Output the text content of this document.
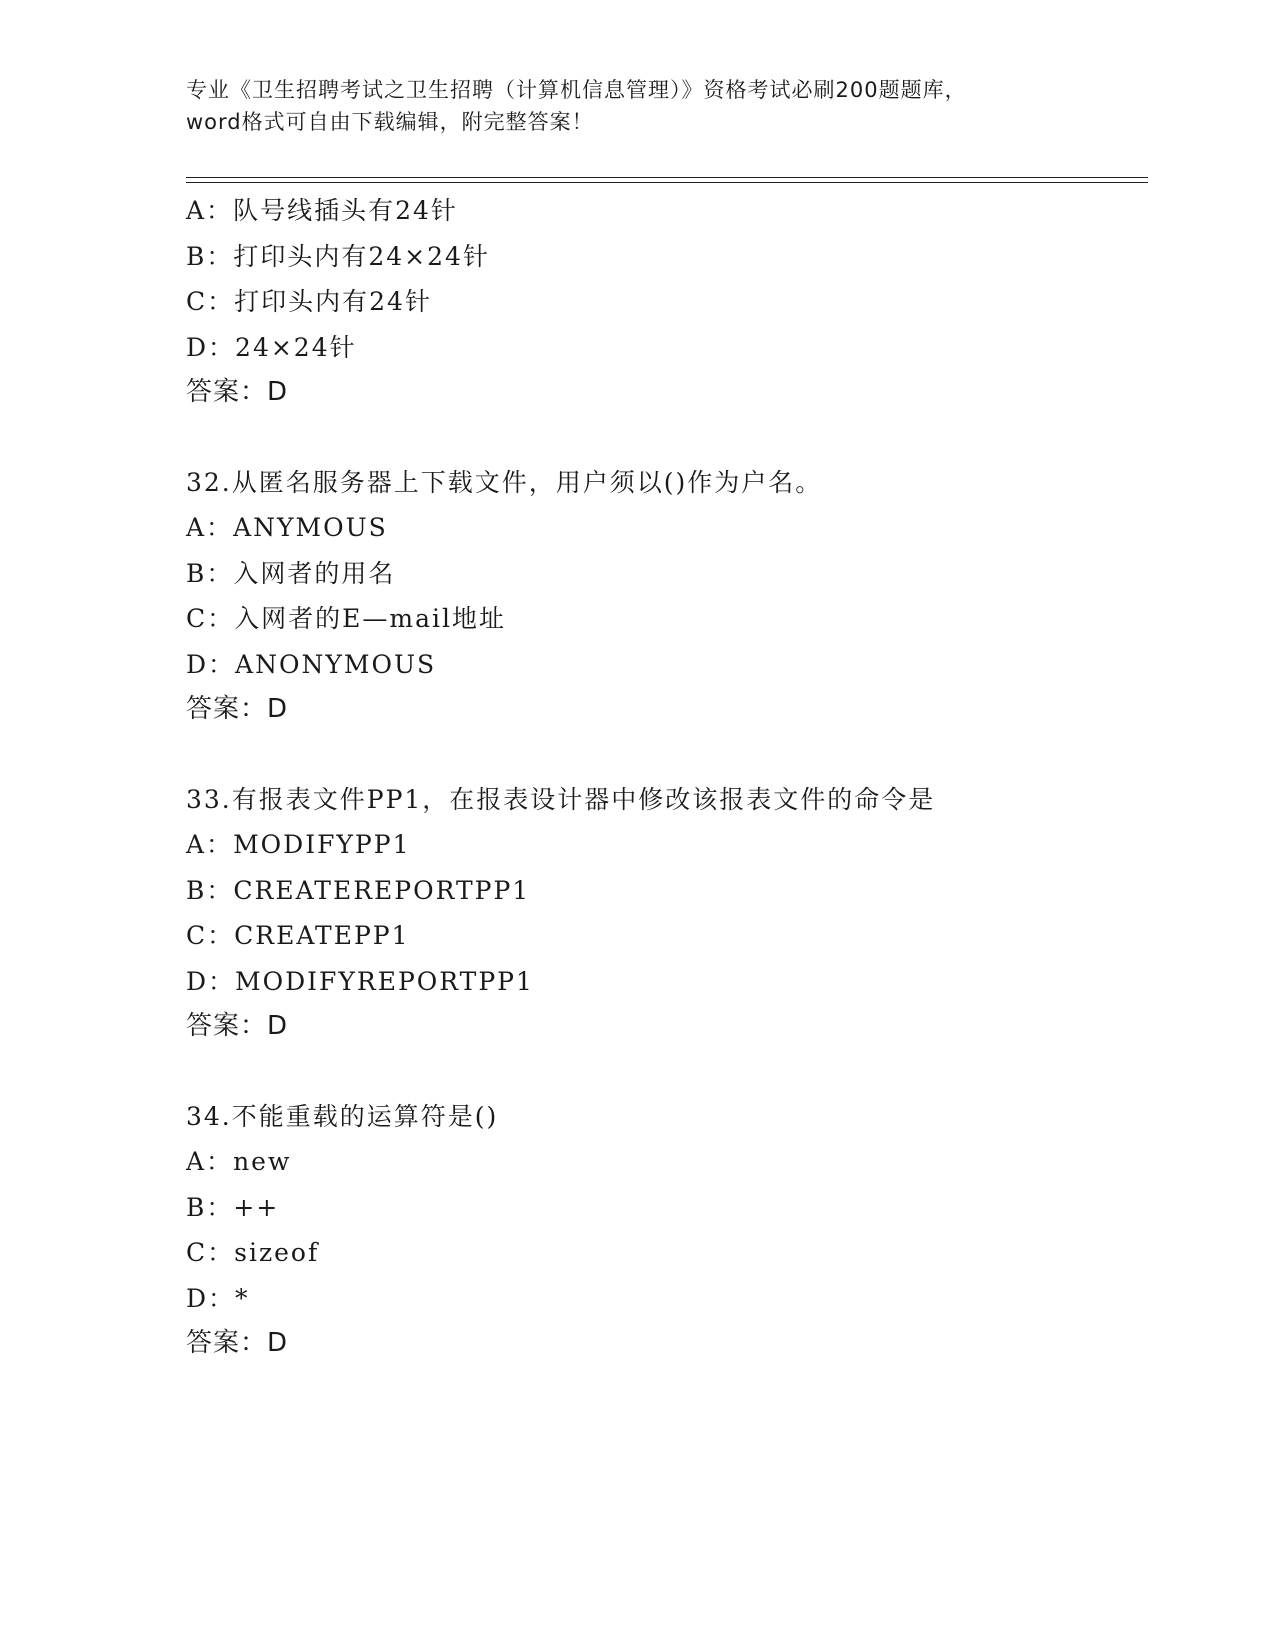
专业《卫生招聘考试之卫生招聘（计算机信息管理）》资格考试必刷200题题库，
word格式可自由下载编辑，附完整答案！
A：队号线插头有24针
B：打印头内有24×24针
C：打印头内有24针
D：24×24针
答案：D
32.从匿名服务器上下载文件，用户须以()作为户名。
A：ANYMOUS
B：入网者的用名
C：入网者的E—mail地址
D：ANONYMOUS
答案：D
33.有报表文件PP1，在报表设计器中修改该报表文件的命令是
A：MODIFYPP1
B：CREATEREPORTPP1
C：CREATEPP1
D：MODIFYREPORTPP1
答案：D
34.不能重载的运算符是()
A：new
B：++
C：sizeof
D：*
答案：D
